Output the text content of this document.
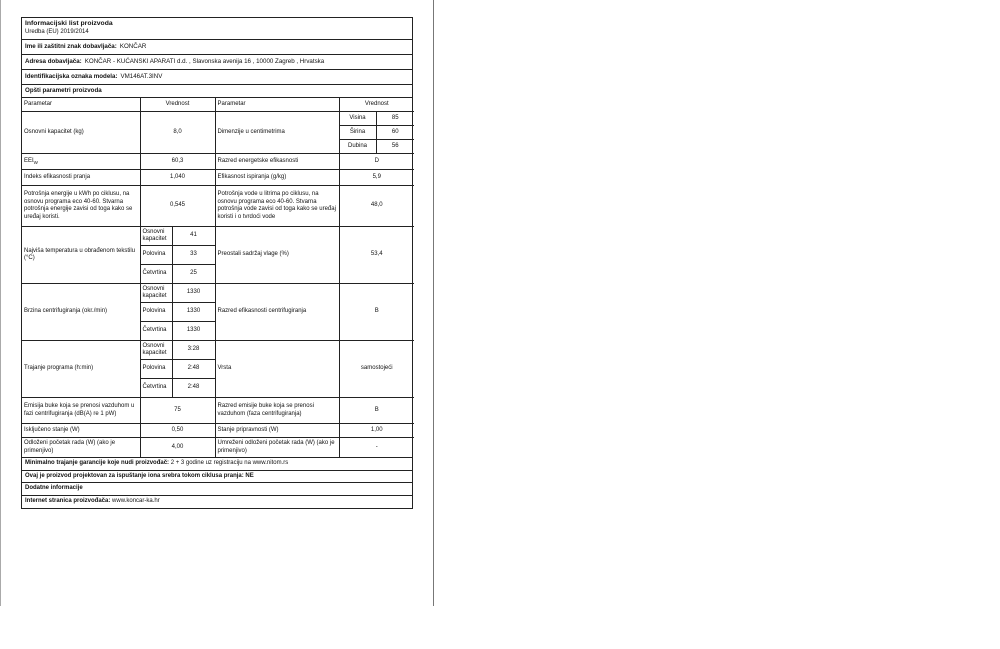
Informacijski list proizvoda
Uredba (EU) 2019/2014
Ime ili zaštitni znak dobavljača: KONČAR
Adresa dobavljača: KONČAR - KUĆANSKI APARATI d.d. , Slavonska avenija 16 , 10000 Zagreb , Hrvatska
Identifikacijska oznaka modela: VM146AT.3INV
Opšti parametri proizvoda
Parametar	Vrednost		Parametar	Vrednost	
Osnovni kapacitet (kg)	8,0		Dimenzije u centimetrima	Visina	85
				Širina	60
				Dubina	56
$EEI_W$	60,3		Razred energetske efikasnosti	D	
Indeks efikasnosti pranja	1,040		Efikasnost ispiranja (g/kg)	5,9	
Potrošnja energije u kWh po ciklusu, na osnovu programa eco 40-60. Stvarna potrošnja energije zavisi od toga kako se uređaj koristi.	0,545		Potrošnja vode u litrima po ciklusu, na osnovu programa eco 40-60. Stvarna potrošnja vode zavisi od toga kako se uređaj koristi i o tvrdoći vode	48,0	
Najviša temperatura u obrađenom tekstilu (°C)	Osnovni kapacitet	41	Preostali sadržaj vlage (%)	53,4	
	Polovina	33			
	Četvrtina	25			
Brzina centrifugiranja (okr./min)	Osnovni kapacitet	1330	Razred efikasnosti centrifugiranja	B	
	Polovina	1330			
	Četvrtina	1330			
Trajanje programa (h:min)	Osnovni kapacitet	3:28	Vrsta	samostojeći	
	Polovina	2:48			
	Četvrtina	2:48			
Emisija buke koja se prenosi vazduhom u fazi centrifugiranja (dB(A) re 1 pW)	75		Razred emisije buke koja se prenosi vazduhom (faza centrifugiranja)	B	
Isključeno stanje (W)	0,50		Stanje pripravnosti (W)	1,00	
Odloženi početak rada (W) (ako je primenjivo)	4,00		Umreženi odloženi početak rada (W) (ako je primenjivo)	-	
Minimalno trajanje garancije koje nudi proizvođač: 2 + 3 godine uz registraciju na www.nitom.rs
Ovaj je proizvod projektovan za ispuštanje iona srebra tokom ciklusa pranja: NE
Dodatne informacije
Internet stranica proizvođača: www.koncar-ka.hr
